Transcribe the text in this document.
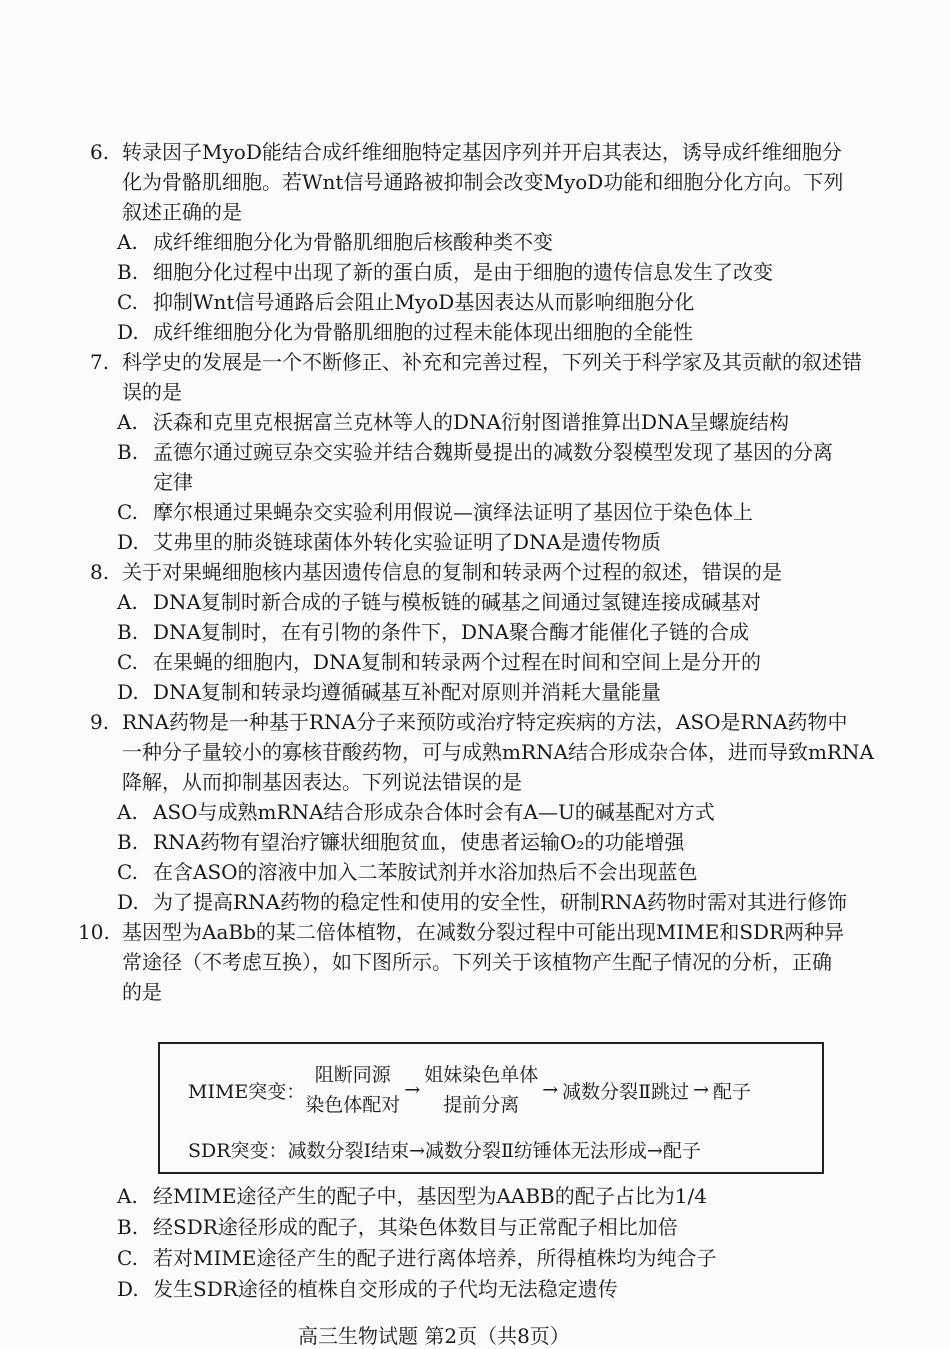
6. 转录因子MyoD能结合成纤维细胞特定基因序列并开启其表达，诱导成纤维细胞分
化为骨骼肌细胞。若Wnt信号通路被抑制会改变MyoD功能和细胞分化方向。下列
叙述正确的是
A. 成纤维细胞分化为骨骼肌细胞后核酸种类不变
B. 细胞分化过程中出现了新的蛋白质，是由于细胞的遗传信息发生了改变
C. 抑制Wnt信号通路后会阻止MyoD基因表达从而影响细胞分化
D. 成纤维细胞分化为骨骼肌细胞的过程未能体现出细胞的全能性
7. 科学史的发展是一个不断修正、补充和完善过程，下列关于科学家及其贡献的叙述错
误的是
A. 沃森和克里克根据富兰克林等人的DNA衍射图谱推算出DNA呈螺旋结构
B. 孟德尔通过豌豆杂交实验并结合魏斯曼提出的减数分裂模型发现了基因的分离
定律
C. 摩尔根通过果蝇杂交实验利用假说—演绎法证明了基因位于染色体上
D. 艾弗里的肺炎链球菌体外转化实验证明了DNA是遗传物质
8. 关于对果蝇细胞核内基因遗传信息的复制和转录两个过程的叙述，错误的是
A. DNA复制时新合成的子链与模板链的碱基之间通过氢键连接成碱基对
B. DNA复制时，在有引物的条件下，DNA聚合酶才能催化子链的合成
C. 在果蝇的细胞内，DNA复制和转录两个过程在时间和空间上是分开的
D. DNA复制和转录均遵循碱基互补配对原则并消耗大量能量
9. RNA药物是一种基于RNA分子来预防或治疗特定疾病的方法，ASO是RNA药物中
一种分子量较小的寡核苷酸药物，可与成熟mRNA结合形成杂合体，进而导致mRNA
降解，从而抑制基因表达。下列说法错误的是
A. ASO与成熟mRNA结合形成杂合体时会有A—U的碱基配对方式
B. RNA药物有望治疗镰状细胞贫血，使患者运输O₂的功能增强
C. 在含ASO的溶液中加入二苯胺试剂并水浴加热后不会出现蓝色
D. 为了提高RNA药物的稳定性和使用的安全性，研制RNA药物时需对其进行修饰
10. 基因型为AaBb的某二倍体植物，在减数分裂过程中可能出现MIME和SDR两种异
常途径（不考虑互换），如下图所示。下列关于该植物产生配子情况的分析，正确
的是
MIME突变：
阻断同源
染色体配对
→
姐妹染色单体
提前分离
→ 减数分裂Ⅱ跳过 → 配子
SDR突变：减数分裂Ⅰ结束→减数分裂Ⅱ纺锤体无法形成→配子
A. 经MIME途径产生的配子中，基因型为AABB的配子占比为1/4
B. 经SDR途径形成的配子，其染色体数目与正常配子相比加倍
C. 若对MIME途径产生的配子进行离体培养，所得植株均为纯合子
D. 发生SDR途径的植株自交形成的子代均无法稳定遗传
高三生物试题 第2页（共8页）
